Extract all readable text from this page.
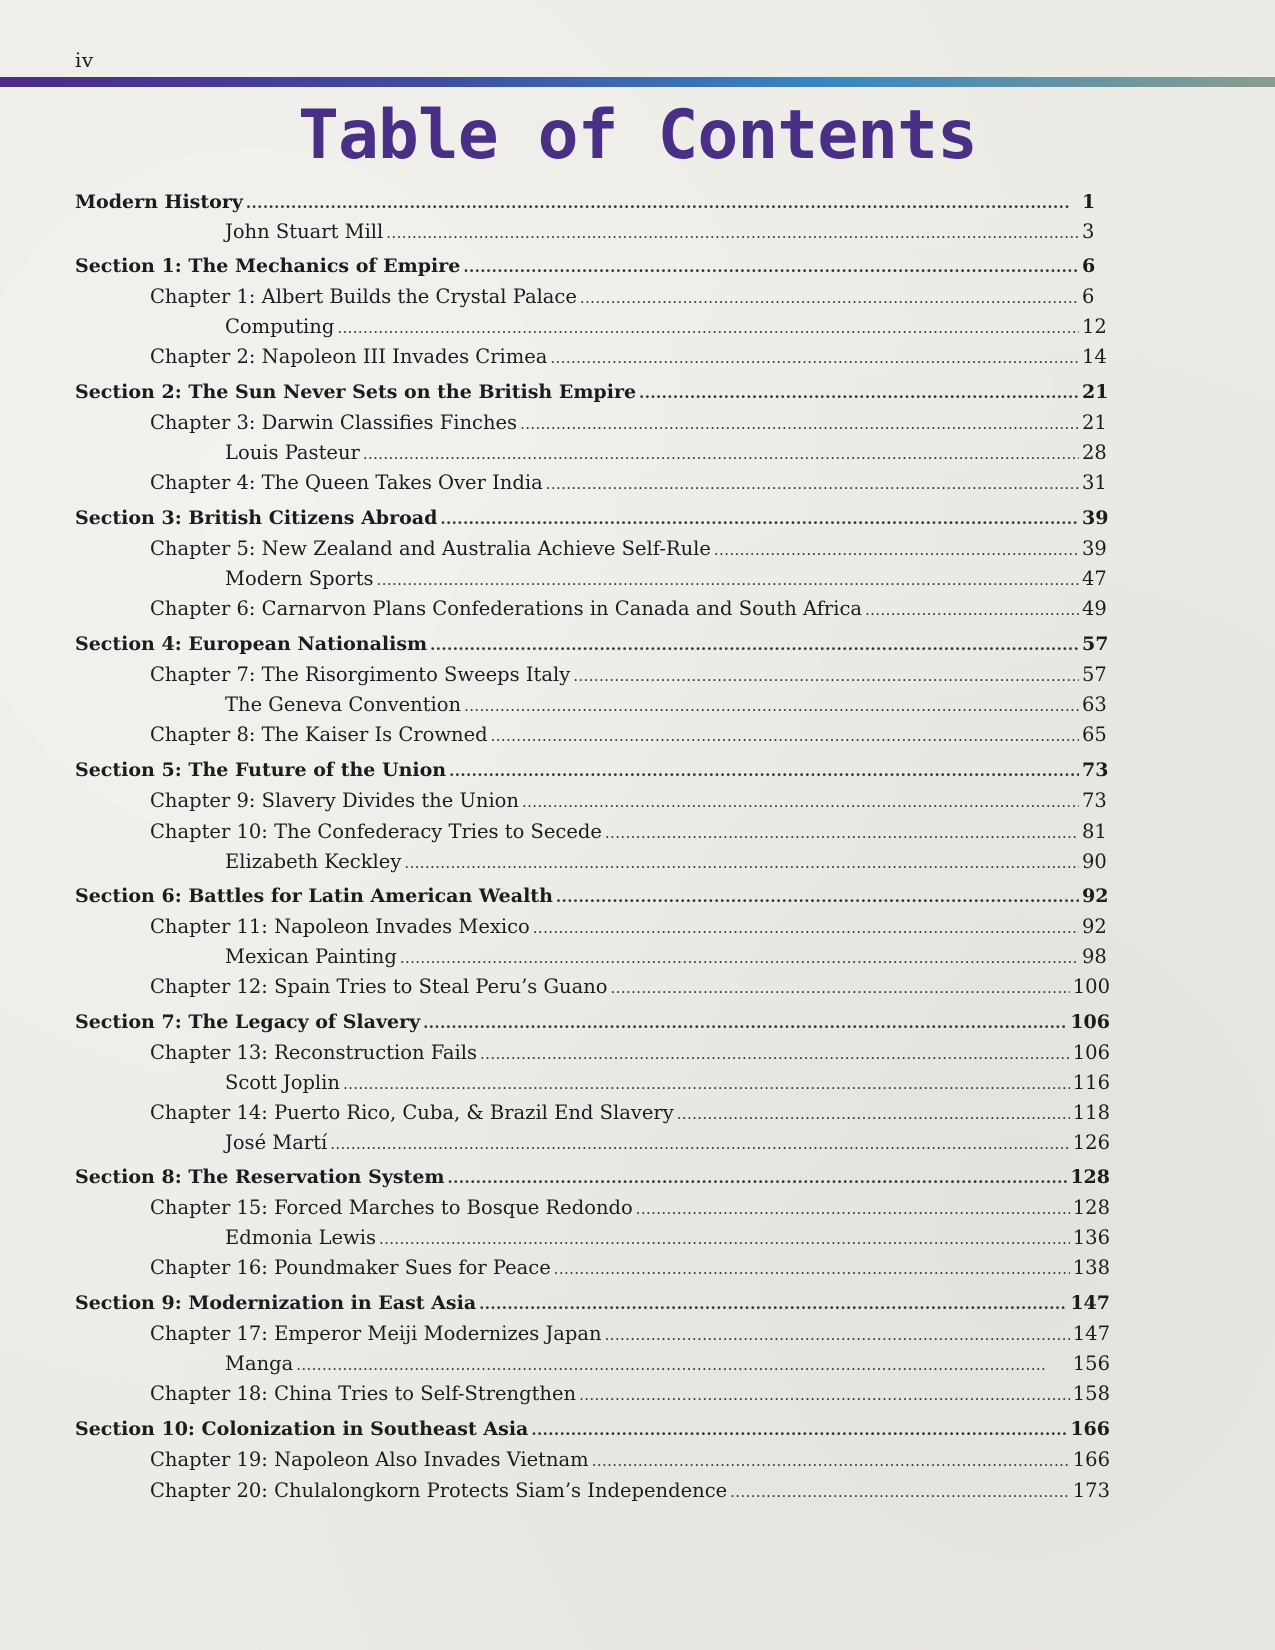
iv
Table of Contents
Modern History . . .	1
John Stuart Mill . . .	3
Section 1: The Mechanics of Empire . . .	6
Chapter 1: Albert Builds the Crystal Palace . . .	6
Computing . . .	12
Chapter 2: Napoleon III Invades Crimea . . .	14
Section 2: The Sun Never Sets on the British Empire . . .	21
Chapter 3: Darwin Classifies Finches . . .	21
Louis Pasteur . . .	28
Chapter 4: The Queen Takes Over India . . .	31
Section 3: British Citizens Abroad . . .	39
Chapter 5: New Zealand and Australia Achieve Self-Rule . . .	39
Modern Sports . . .	47
Chapter 6: Carnarvon Plans Confederations in Canada and South Africa . . .	49
Section 4: European Nationalism . . .	57
Chapter 7: The Risorgimento Sweeps Italy . . .	57
The Geneva Convention . . .	63
Chapter 8: The Kaiser Is Crowned . . .	65
Section 5: The Future of the Union . . .	73
Chapter 9: Slavery Divides the Union . . .	73
Chapter 10: The Confederacy Tries to Secede . . .	81
Elizabeth Keckley . . .	90
Section 6: Battles for Latin American Wealth . . .	92
Chapter 11: Napoleon Invades Mexico . . .	92
Mexican Painting . . .	98
Chapter 12: Spain Tries to Steal Peru’s Guano . . .	100
Section 7: The Legacy of Slavery . . .	106
Chapter 13: Reconstruction Fails . . .	106
Scott Joplin . . .	116
Chapter 14: Puerto Rico, Cuba, & Brazil End Slavery . . .	118
José Martí . . .	126
Section 8: The Reservation System . . .	128
Chapter 15: Forced Marches to Bosque Redondo . . .	128
Edmonia Lewis . . .	136
Chapter 16: Poundmaker Sues for Peace . . .	138
Section 9: Modernization in East Asia . . .	147
Chapter 17: Emperor Meiji Modernizes Japan . . .	147
Manga . . .	156
Chapter 18: China Tries to Self-Strengthen . . .	158
Section 10: Colonization in Southeast Asia . . .	166
Chapter 19: Napoleon Also Invades Vietnam . . .	166
Chapter 20: Chulalongkorn Protects Siam’s Independence . . .	173
